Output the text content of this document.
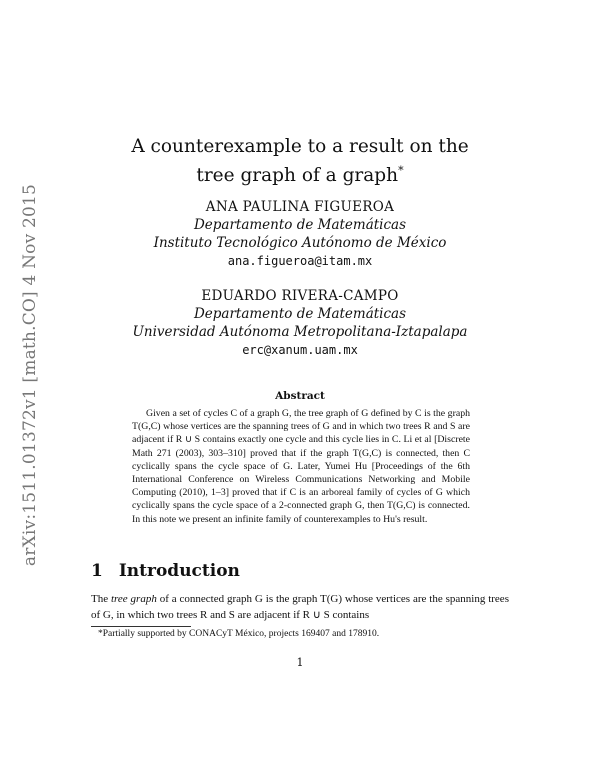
arXiv:1511.01372v1 [math.CO] 4 Nov 2015
A counterexample to a result on the
tree graph of a graph*
ANA PAULINA FIGUEROA
Departamento de Matemáticas
Instituto Tecnológico Autónomo de México
ana.figueroa@itam.mx
EDUARDO RIVERA-CAMPO
Departamento de Matemáticas
Universidad Autónoma Metropolitana-Iztapalapa
erc@xanum.uam.mx
Abstract
Given a set of cycles C of a graph G, the tree graph of G defined by C is the graph T(G,C) whose vertices are the spanning trees of G and in which two trees R and S are adjacent if R ∪ S contains exactly one cycle and this cycle lies in C. Li et al [Discrete Math 271 (2003), 303–310] proved that if the graph T(G,C) is connected, then C cyclically spans the cycle space of G. Later, Yumei Hu [Proceedings of the 6th International Conference on Wireless Communications Networking and Mobile Computing (2010), 1–3] proved that if C is an arboreal family of cycles of G which cyclically spans the cycle space of a 2-connected graph G, then T(G,C) is connected. In this note we present an infinite family of counterexamples to Hu's result.
1 Introduction
The tree graph of a connected graph G is the graph T(G) whose vertices are the spanning trees of G, in which two trees R and S are adjacent if R ∪ S contains
*Partially supported by CONACyT México, projects 169407 and 178910.
1
